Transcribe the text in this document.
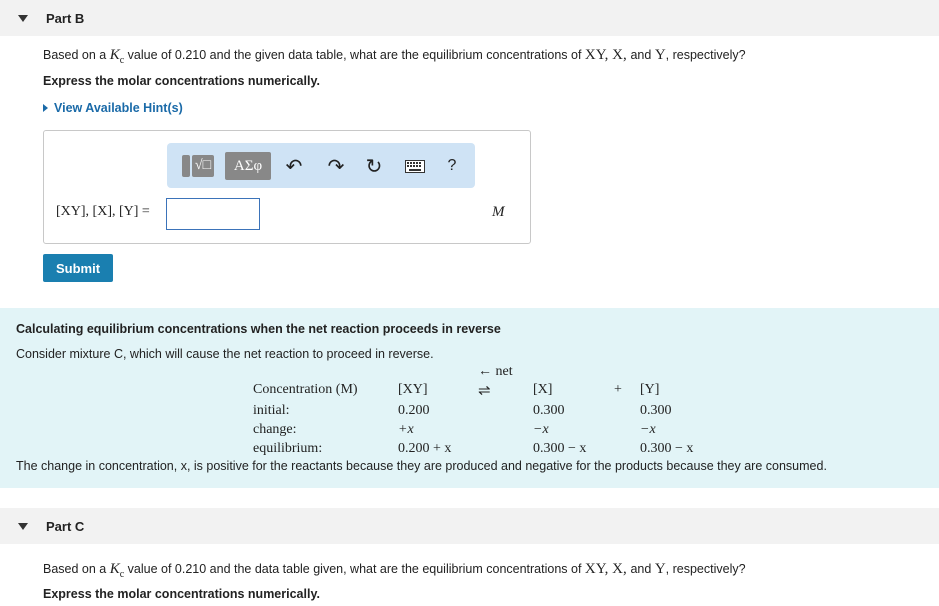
Part B
Based on a $K_c$ value of 0.210 and the given data table, what are the equilibrium concentrations of XY, X, and Y, respectively?
Express the molar concentrations numerically.
View Available Hint(s)
√□	ΑΣφ	↶ ↷ ↻	?
[XY], [X], [Y] =	M
Submit
Calculating equilibrium concentrations when the net reaction proceeds in reverse
Consider mixture C, which will cause the net reaction to proceed in reverse.
← net
Concentration (M)	[XY]	⇌	[X]	+ [Y]
initial:	0.200	0.300	0.300
change:	+x	−x	−x
equilibrium:	0.200 + x	0.300 − x	0.300 − x
The change in concentration, x, is positive for the reactants because they are produced and negative for the products because they are consumed.
Part C
Based on a $K_c$ value of 0.210 and the data table given, what are the equilibrium concentrations of XY, X, and Y, respectively?
Express the molar concentrations numerically.
